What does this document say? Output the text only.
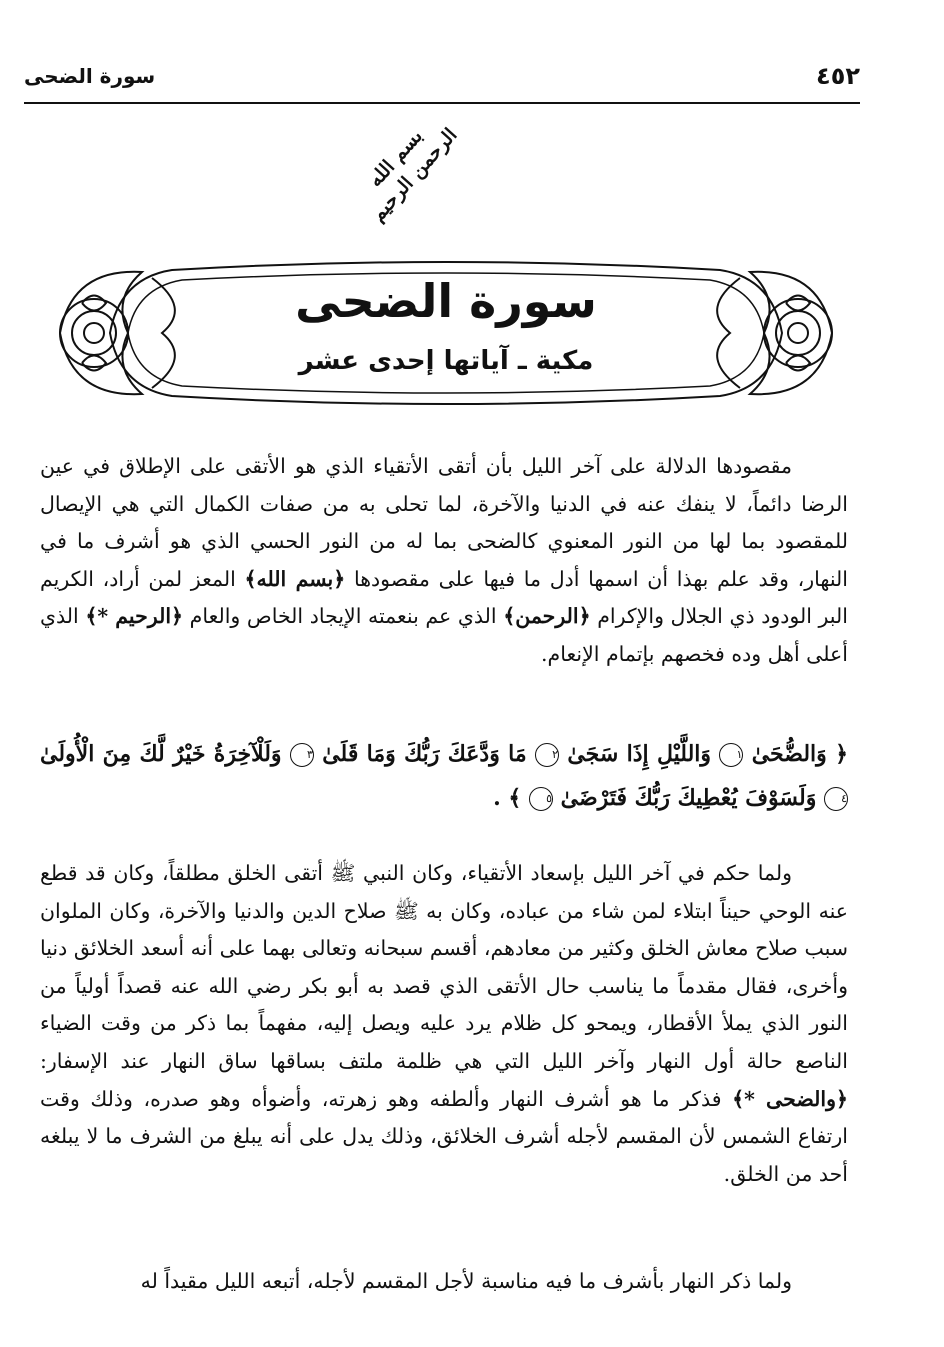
٤٥٢
سورة الضحى
بسم الله الرحمن الرحيم
سورة الضحى
مكية ـ آياتها إحدى عشر
مقصودها الدلالة على آخر الليل بأن أتقى الأتقياء الذي هو الأتقى على الإطلاق في عين الرضا دائماً، لا ينفك عنه في الدنيا والآخرة، لما تحلى به من صفات الكمال التي هي الإيصال للمقصود بما لها من النور المعنوي كالضحى بما له من النور الحسي الذي هو أشرف ما في النهار، وقد علم بهذا أن اسمها أدل ما فيها على مقصودها ﴿بسم الله﴾ المعز لمن أراد، الكريم البر الودود ذي الجلال والإكرام ﴿الرحمن﴾ الذي عم بنعمته الإيجاد الخاص والعام ﴿الرحيم *﴾ الذي أعلى أهل وده فخصهم بإتمام الإنعام.
﴿ وَالضُّحَىٰ ١ وَاللَّيْلِ إِذَا سَجَىٰ ٢ مَا وَدَّعَكَ رَبُّكَ وَمَا قَلَىٰ ٣ وَلَلْآخِرَةُ خَيْرٌ لَّكَ مِنَ الْأُولَىٰ ٤ وَلَسَوْفَ يُعْطِيكَ رَبُّكَ فَتَرْضَىٰ ٥ ﴾ .
ولما حكم في آخر الليل بإسعاد الأتقياء، وكان النبي ﷺ أتقى الخلق مطلقاً، وكان قد قطع عنه الوحي حيناً ابتلاء لمن شاء من عباده، وكان به ﷺ صلاح الدين والدنيا والآخرة، وكان الملوان سبب صلاح معاش الخلق وكثير من معادهم، أقسم سبحانه وتعالى بهما على أنه أسعد الخلائق دنيا وأخرى، فقال مقدماً ما يناسب حال الأتقى الذي قصد به أبو بكر رضي الله عنه قصداً أولياً من النور الذي يملأ الأقطار، ويمحو كل ظلام يرد عليه ويصل إليه، مفهماً بما ذكر من وقت الضياء الناصع حالة أول النهار وآخر الليل التي هي ظلمة ملتف بساقها ساق النهار عند الإسفار: ﴿والضحى *﴾ فذكر ما هو أشرف النهار وألطفه وهو زهرته، وأضوأه وهو صدره، وذلك وقت ارتفاع الشمس لأن المقسم لأجله أشرف الخلائق، وذلك يدل على أنه يبلغ من الشرف ما لا يبلغه أحد من الخلق.
ولما ذكر النهار بأشرف ما فيه مناسبة لأجل المقسم لأجله، أتبعه الليل مقيداً له
